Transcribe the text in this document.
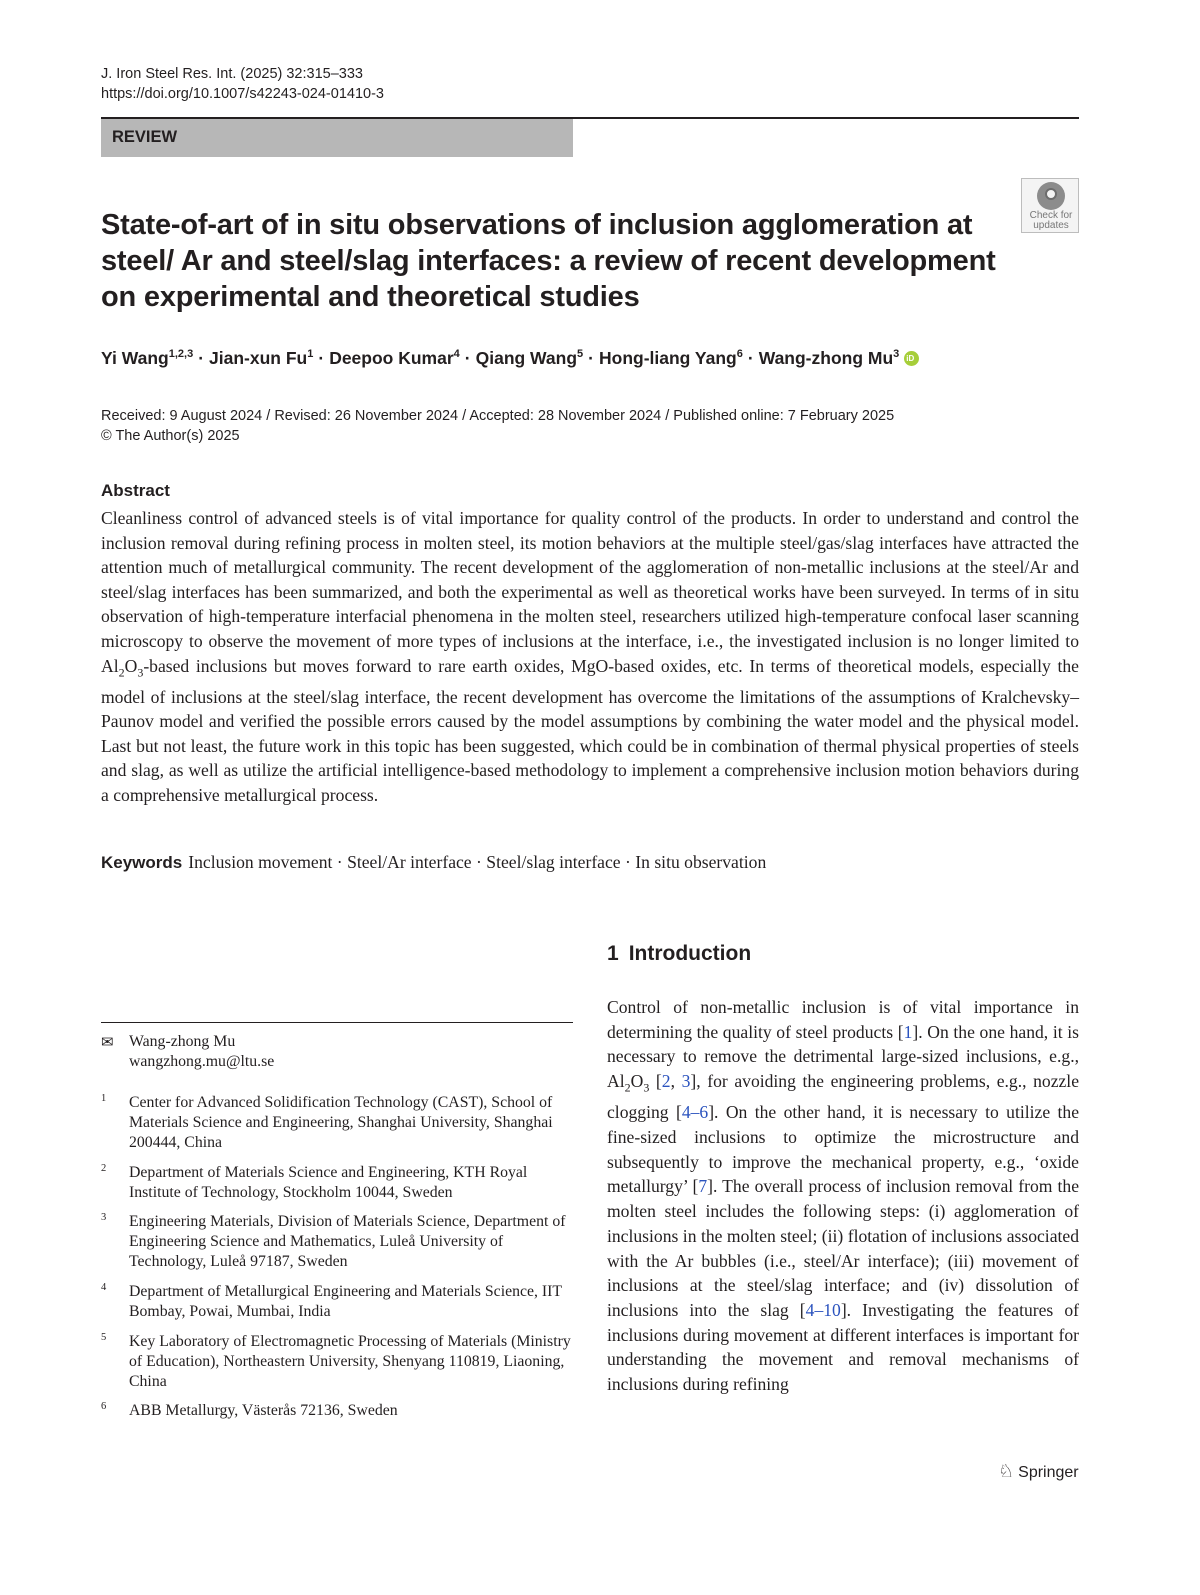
J. Iron Steel Res. Int. (2025) 32:315–333
https://doi.org/10.1007/s42243-024-01410-3
REVIEW
Check for
updates
State-of-art of in situ observations of inclusion agglomeration at steel/ Ar and steel/slag interfaces: a review of recent development on experimental and theoretical studies
Yi Wang$^{1,2,3}$ · Jian-xun $Fu^1$ · Deepoo Kumar$^4$ · Qiang Wang$^5$ · Hong-liang Yang$^6$ · Wang-zhong Mu$^3$iD
Received: 9 August 2024 / Revised: 26 November 2024 / Accepted: 28 November 2024 / Published online: 7 February 2025
© The Author(s) 2025
Abstract
Cleanliness control of advanced steels is of vital importance for quality control of the products. In order to understand and control the inclusion removal during refining process in molten steel, its motion behaviors at the multiple steel/gas/slag interfaces have attracted the attention much of metallurgical community. The recent development of the agglomeration of non-metallic inclusions at the steel/Ar and steel/slag interfaces has been summarized, and both the experimental as well as theoretical works have been surveyed. In terms of in situ observation of high-temperature interfacial phenomena in the molten steel, researchers utilized high-temperature confocal laser scanning microscopy to observe the movement of more types of inclusions at the interface, i.e., the investigated inclusion is no longer limited to $Al_2O_3$-based inclusions but moves forward to rare earth oxides, MgO-based oxides, etc. In terms of theoretical models, especially the model of inclusions at the steel/slag interface, the recent development has overcome the limitations of the assumptions of Kralchevsky–Paunov model and verified the possible errors caused by the model assumptions by combining the water model and the physical model. Last but not least, the future work in this topic has been suggested, which could be in combination of thermal physical properties of steels and slag, as well as utilize the artificial intelligence-based methodology to implement a comprehensive inclusion motion behaviors during a comprehensive metallurgical process.
Keywords Inclusion movement · Steel/Ar interface · Steel/slag interface · In situ observation
1 Introduction
Control of non-metallic inclusion is of vital importance in determining the quality of steel products [1]. On the one hand, it is necessary to remove the detrimental large-sized inclusions, e.g., $Al_2O_3$ [2, 3], for avoiding the engineering problems, e.g., nozzle clogging [4–6]. On the other hand, it is necessary to utilize the fine-sized inclusions to optimize the microstructure and subsequently to improve the mechanical property, e.g., ‘oxide metallurgy’ [7]. The overall process of inclusion removal from the molten steel includes the following steps: (i) agglomeration of inclusions in the molten steel; (ii) flotation of inclusions associated with the Ar bubbles (i.e., steel/Ar interface); (iii) movement of inclusions at the steel/slag interface; and (iv) dissolution of inclusions into the slag [4–10]. Investigating the features of inclusions during movement at different interfaces is important for understanding the movement and removal mechanisms of inclusions during refining
✉ Wang-zhong Mu
wangzhong.mu@ltu.se
1 Center for Advanced Solidification Technology (CAST), School of Materials Science and Engineering, Shanghai University, Shanghai 200444, China
2 Department of Materials Science and Engineering, KTH Royal Institute of Technology, Stockholm 10044, Sweden
3 Engineering Materials, Division of Materials Science, Department of Engineering Science and Mathematics, Luleå University of Technology, Luleå 97187, Sweden
4 Department of Metallurgical Engineering and Materials Science, IIT Bombay, Powai, Mumbai, India
5 Key Laboratory of Electromagnetic Processing of Materials (Ministry of Education), Northeastern University, Shenyang 110819, Liaoning, China
6 ABB Metallurgy, Västerås 72136, Sweden
♘ Springer
